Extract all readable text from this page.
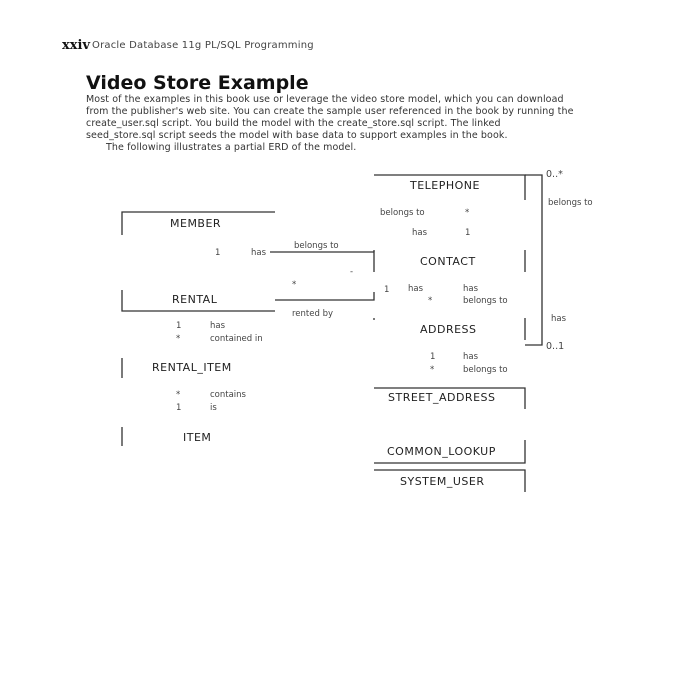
xxiv Oracle Database 11g PL/SQL Programming
Video Store Example
Most of the examples in this book use or leverage the video store model, which you can download
from the publisher's web site. You can create the sample user referenced in the book by running the
create_user.sql script. You build the model with the create_store.sql script. The linked
seed_store.sql script seeds the model with base data to support examples in the book.
The following illustrates a partial ERD of the model.
TELEPHONE
MEMBER
CONTACT
RENTAL
ADDRESS
RENTAL_ITEM
STREET_ADDRESS
ITEM
COMMON_LOOKUP
SYSTEM_USER
0..*
belongs to
belongs to	*
has	1
1	has
belongs to
*
-
1 has	has
*	belongs to
rented by
1	has
*	contained in
has
0..1
1	has
*	belongs to
*	contains
1	is
